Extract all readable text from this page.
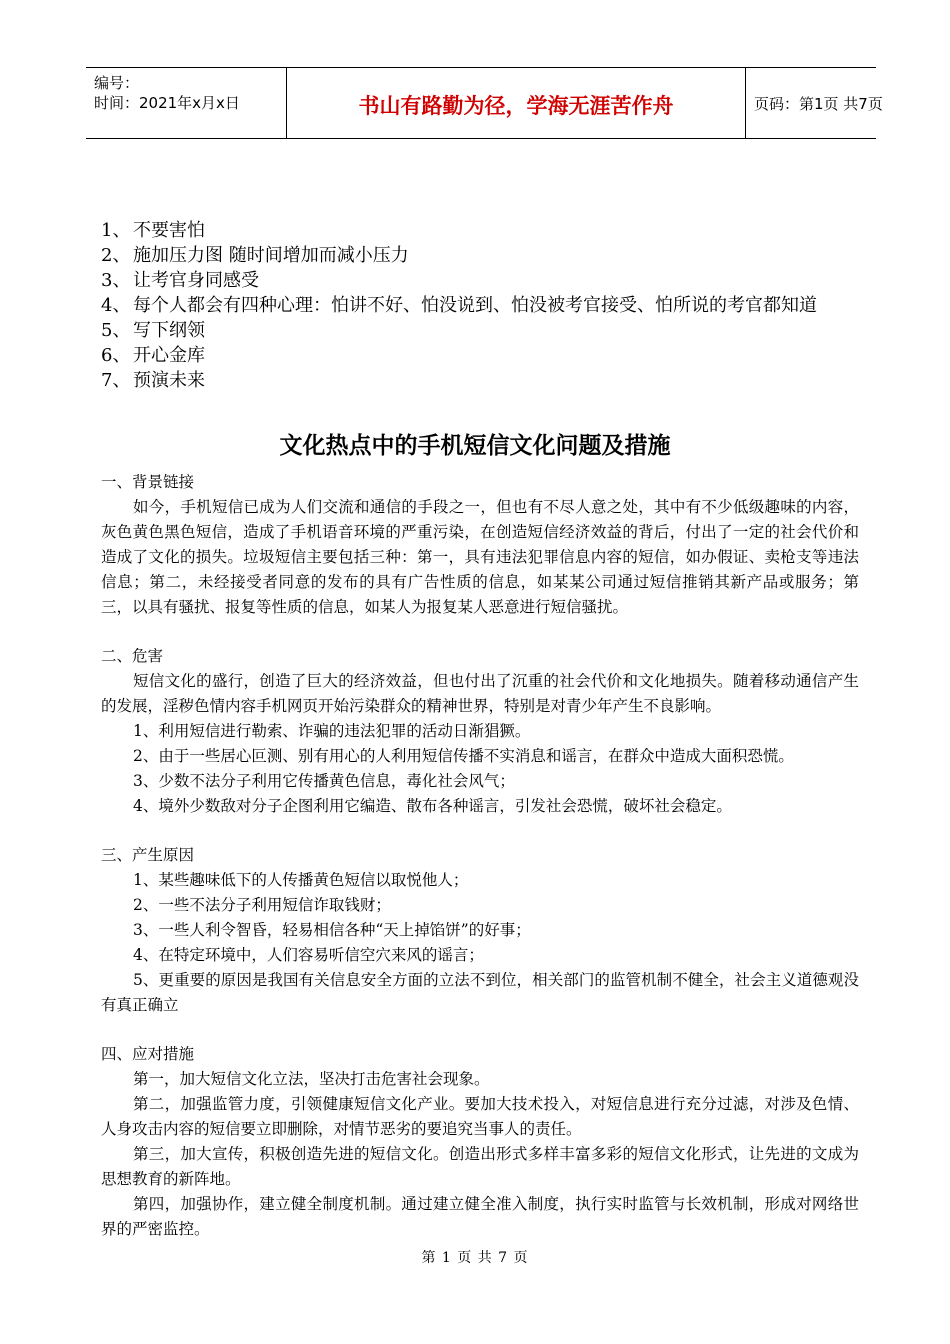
编号：
时间：2021年x月x日	书山有路勤为径，学海无涯苦作舟	页码：第1页 共7页
1、 不要害怕
2、 施加压力图 随时间增加而减小压力
3、 让考官身同感受
4、 每个人都会有四种心理：怕讲不好、怕没说到、怕没被考官接受、怕所说的考官都知道
5、 写下纲领
6、 开心金库
7、 预演未来
文化热点中的手机短信文化问题及措施

一、背景链接

如今，手机短信已成为人们交流和通信的手段之一，但也有不尽人意之处，其中有不少低级趣味的内容，灰色黄色黑色短信，造成了手机语音环境的严重污染，在创造短信经济效益的背后，付出了一定的社会代价和造成了文化的损失。垃圾短信主要包括三种：第一，具有违法犯罪信息内容的短信，如办假证、卖枪支等违法信息；第二，未经接受者同意的发布的具有广告性质的信息，如某某公司通过短信推销其新产品或服务；第三，以具有骚扰、报复等性质的信息，如某人为报复某人恶意进行短信骚扰。

二、危害

短信文化的盛行，创造了巨大的经济效益，但也付出了沉重的社会代价和文化地损失。随着移动通信产生的发展，淫秽色情内容手机网页开始污染群众的精神世界，特别是对青少年产生不良影响。

1、利用短信进行勒索、诈骗的违法犯罪的活动日渐猖獗。

2、由于一些居心叵测、别有用心的人利用短信传播不实消息和谣言，在群众中造成大面积恐慌。

3、少数不法分子利用它传播黄色信息，毒化社会风气；

4、境外少数敌对分子企图利用它编造、散布各种谣言，引发社会恐慌，破坏社会稳定。

三、产生原因

1、某些趣味低下的人传播黄色短信以取悦他人；

2、一些不法分子利用短信诈取钱财；

3、一些人利令智昏，轻易相信各种“天上掉馅饼”的好事；

4、在特定环境中，人们容易听信空穴来风的谣言；

5、更重要的原因是我国有关信息安全方面的立法不到位，相关部门的监管机制不健全，社会主义道德观没有真正确立

四、应对措施

第一，加大短信文化立法，坚决打击危害社会现象。

第二，加强监管力度，引领健康短信文化产业。要加大技术投入，对短信息进行充分过滤，对涉及色情、人身攻击内容的短信要立即删除，对情节恶劣的要追究当事人的责任。

第三，加大宣传，积极创造先进的短信文化。创造出形式多样丰富多彩的短信文化形式，让先进的文成为思想教育的新阵地。

第四，加强协作，建立健全制度机制。通过建立健全准入制度，执行实时监管与长效机制，形成对网络世界的严密监控。

第 1 页 共 7 页
